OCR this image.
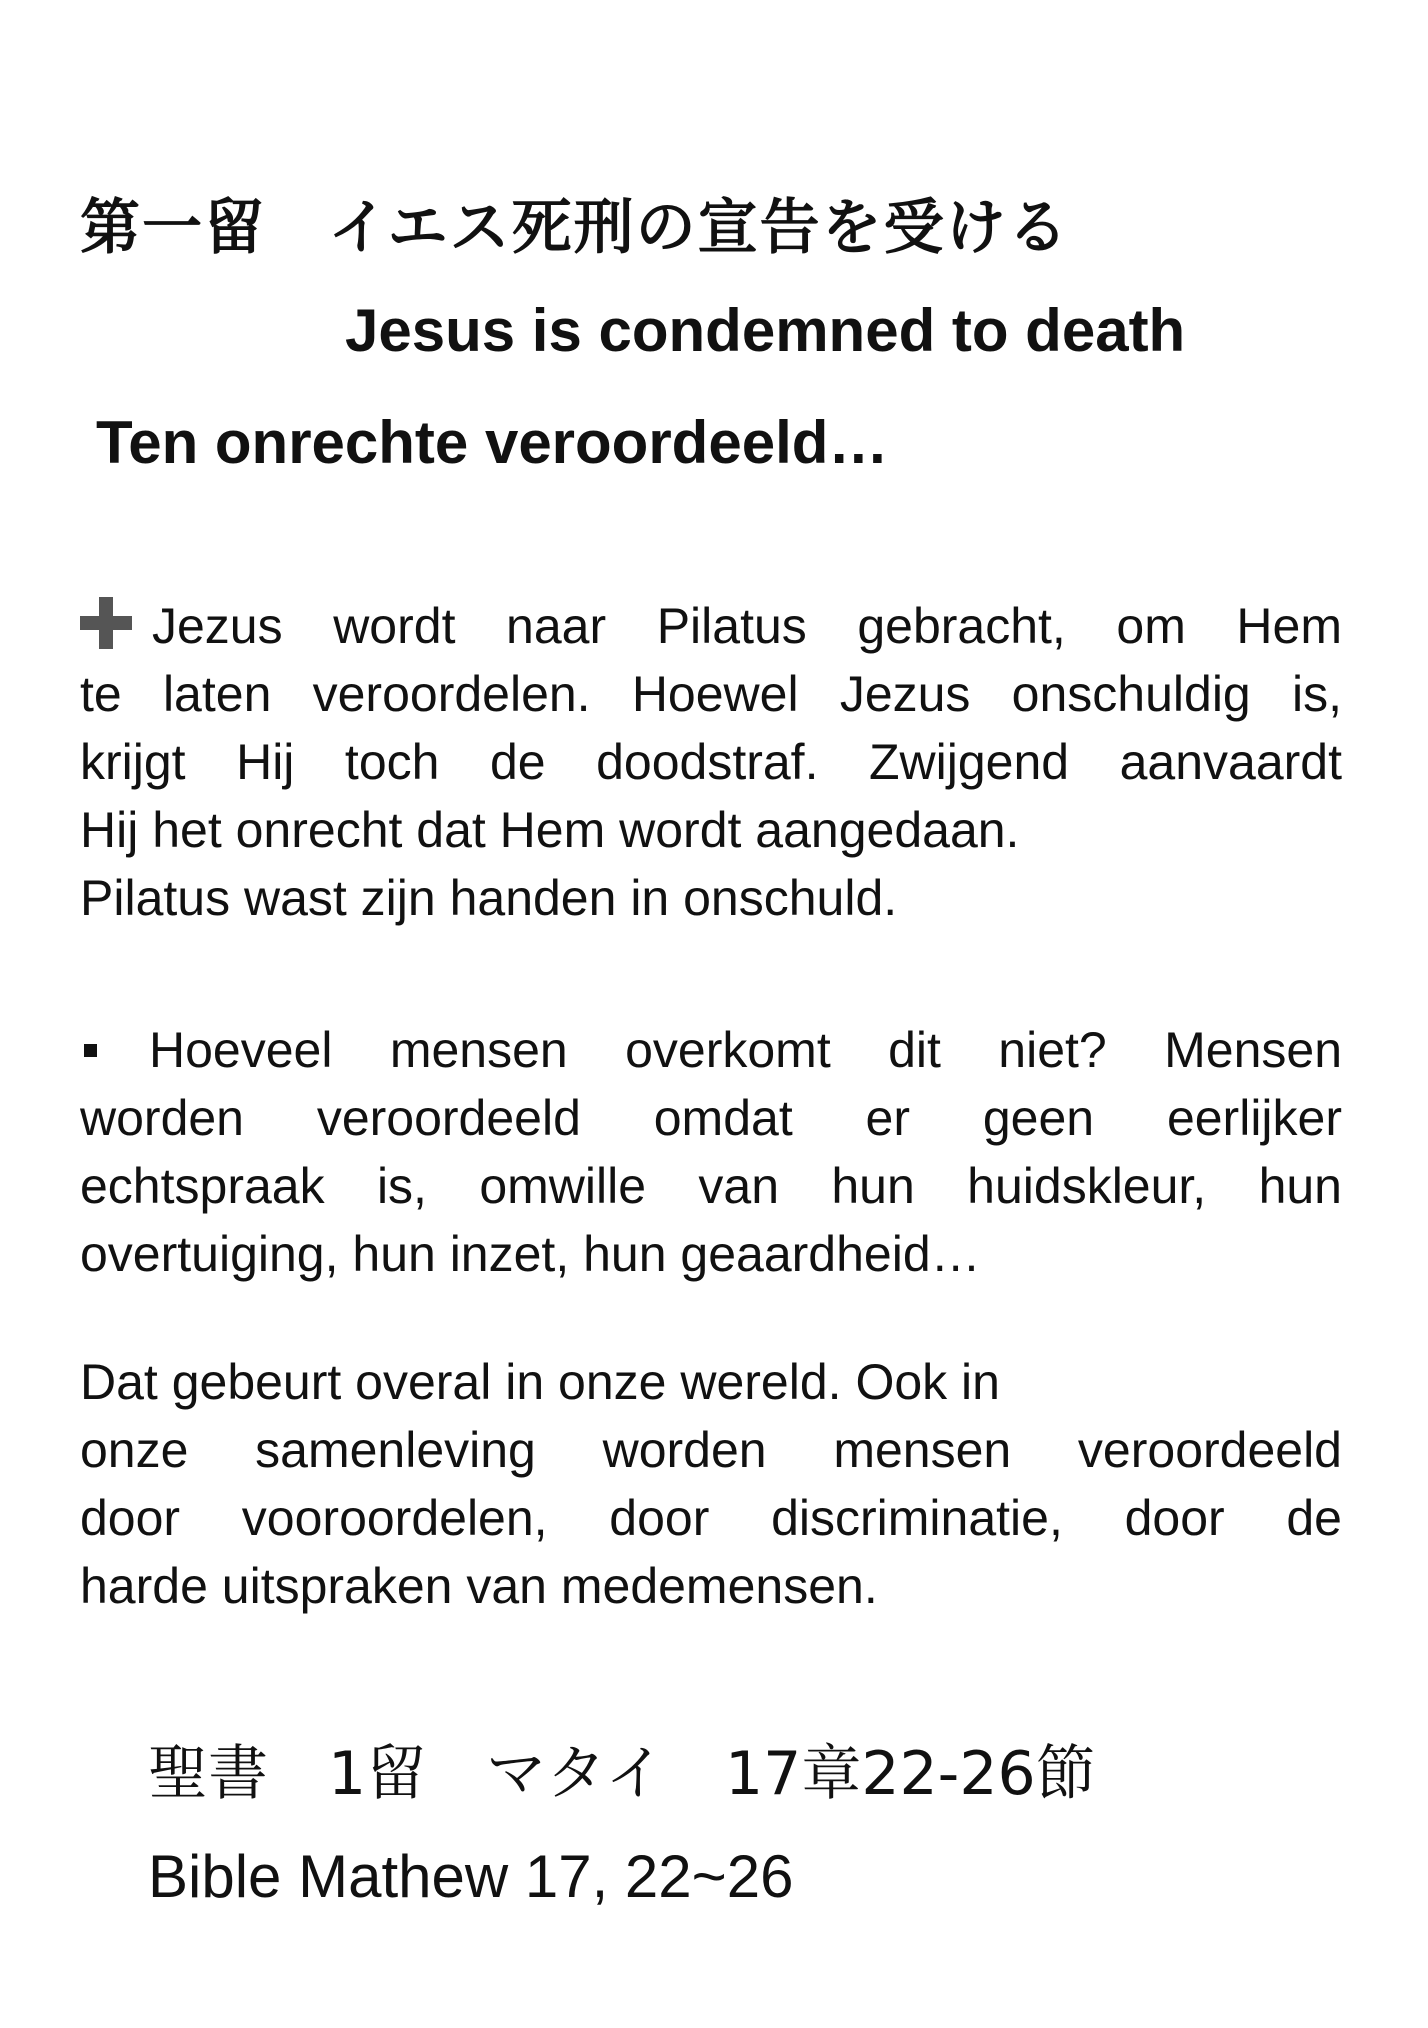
第一留　イエス死刑の宣告を受ける
Jesus is condemned to death
Ten onrechte veroordeeld…
Jezus wordt naar Pilatus gebracht, om Hem
te laten veroordelen. Hoewel Jezus onschuldig is,
krijgt Hij toch de doodstraf. Zwijgend aanvaardt
Hij het onrecht dat Hem wordt aangedaan.
Pilatus wast zijn handen in onschuld.
Hoeveel mensen overkomt dit niet? Mensen
worden veroordeeld omdat er geen eerlijker
echtspraak is, omwille van hun huidskleur, hun
overtuiging, hun inzet, hun geaardheid…
Dat gebeurt overal in onze wereld. Ook in
onze samenleving worden mensen veroordeeld
door vooroordelen, door discriminatie, door de
harde uitspraken van medemensen.
聖書　1留　マタイ　17章22-26節
Bible Mathew 17, 22~26
